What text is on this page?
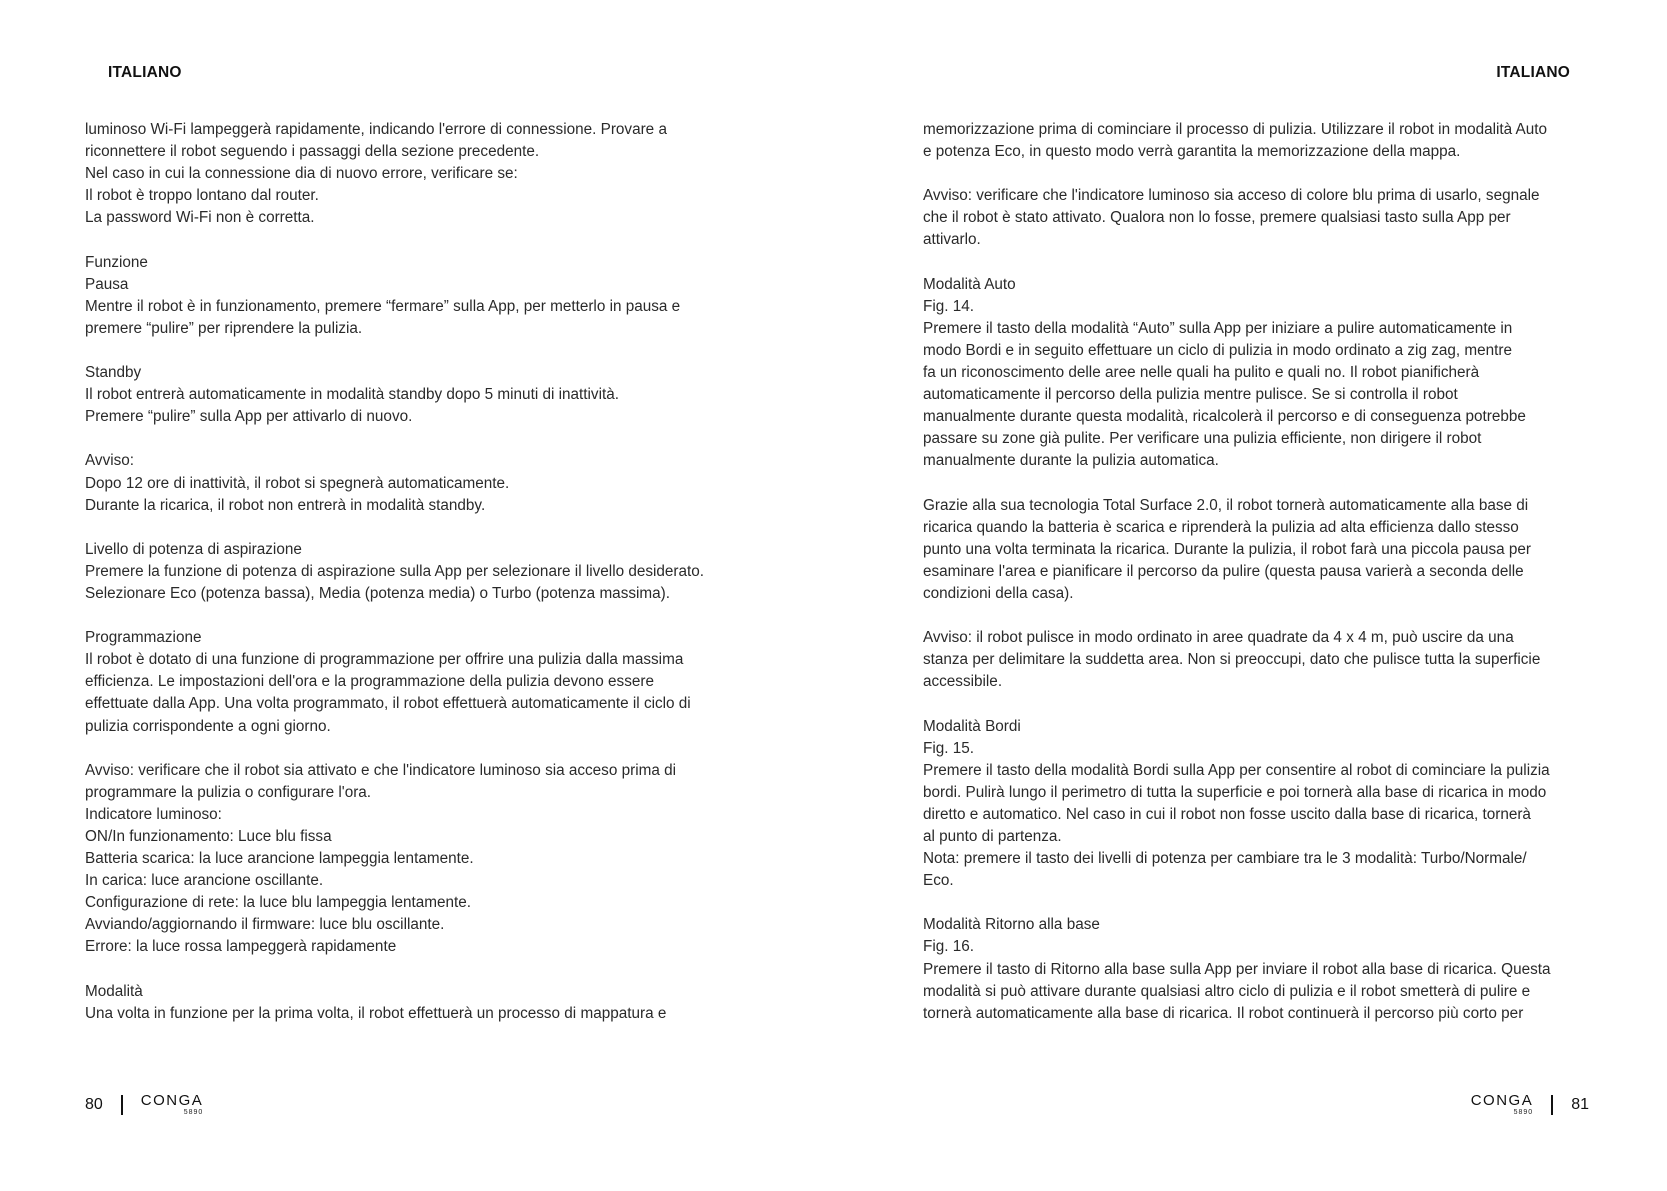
ITALIANO	ITALIANO

luminoso Wi-Fi lampeggerà rapidamente, indicando l'errore di connessione. Provare a

riconnettere il robot seguendo i passaggi della sezione precedente.

Nel caso in cui la connessione dia di nuovo errore, verificare se:

Il robot è troppo lontano dal router.

La password Wi-Fi non è corretta.

Funzione

Pausa

Mentre il robot è in funzionamento, premere “fermare” sulla App, per metterlo in pausa e

premere “pulire” per riprendere la pulizia.

Standby

Il robot entrerà automaticamente in modalità standby dopo 5 minuti di inattività.

Premere “pulire” sulla App per attivarlo di nuovo.

Avviso:

Dopo 12 ore di inattività, il robot si spegnerà automaticamente.

Durante la ricarica, il robot non entrerà in modalità standby.

Livello di potenza di aspirazione

Premere la funzione di potenza di aspirazione sulla App per selezionare il livello desiderato.

Selezionare Eco (potenza bassa), Media (potenza media) o Turbo (potenza massima).

Programmazione

Il robot è dotato di una funzione di programmazione per offrire una pulizia dalla massima

efficienza. Le impostazioni dell'ora e la programmazione della pulizia devono essere

effettuate dalla App. Una volta programmato, il robot effettuerà automaticamente il ciclo di

pulizia corrispondente a ogni giorno.

Avviso: verificare che il robot sia attivato e che l'indicatore luminoso sia acceso prima di

programmare la pulizia o configurare l'ora.

Indicatore luminoso:

ON/In funzionamento: Luce blu fissa

Batteria scarica: la luce arancione lampeggia lentamente.

In carica: luce arancione oscillante.

Configurazione di rete: la luce blu lampeggia lentamente.

Avviando/aggiornando il firmware: luce blu oscillante.

Errore: la luce rossa lampeggerà rapidamente

Modalità

Una volta in funzione per la prima volta, il robot effettuerà un processo di mappatura e

memorizzazione prima di cominciare il processo di pulizia. Utilizzare il robot in modalità Auto

e potenza Eco, in questo modo verrà garantita la memorizzazione della mappa.

Avviso: verificare che l'indicatore luminoso sia acceso di colore blu prima di usarlo, segnale

che il robot è stato attivato. Qualora non lo fosse, premere qualsiasi tasto sulla App per

attivarlo.

Modalità Auto

Fig. 14.

Premere il tasto della modalità “Auto” sulla App per iniziare a pulire automaticamente in

modo Bordi e in seguito effettuare un ciclo di pulizia in modo ordinato a zig zag, mentre

fa un riconoscimento delle aree nelle quali ha pulito e quali no. Il robot pianificherà

automaticamente il percorso della pulizia mentre pulisce. Se si controlla il robot

manualmente durante questa modalità, ricalcolerà il percorso e di conseguenza potrebbe

passare su zone già pulite. Per verificare una pulizia efficiente, non dirigere il robot

manualmente durante la pulizia automatica.

Grazie alla sua tecnologia Total Surface 2.0, il robot tornerà automaticamente alla base di

ricarica quando la batteria è scarica e riprenderà la pulizia ad alta efficienza dallo stesso

punto una volta terminata la ricarica. Durante la pulizia, il robot farà una piccola pausa per

esaminare l'area e pianificare il percorso da pulire (questa pausa varierà a seconda delle

condizioni della casa).

Avviso: il robot pulisce in modo ordinato in aree quadrate da 4 x 4 m, può uscire da una

stanza per delimitare la suddetta area. Non si preoccupi, dato che pulisce tutta la superficie

accessibile.

Modalità Bordi

Fig. 15.

Premere il tasto della modalità Bordi sulla App per consentire al robot di cominciare la pulizia

bordi. Pulirà lungo il perimetro di tutta la superficie e poi tornerà alla base di ricarica in modo

diretto e automatico. Nel caso in cui il robot non fosse uscito dalla base di ricarica, tornerà

al punto di partenza.

Nota: premere il tasto dei livelli di potenza per cambiare tra le 3 modalità: Turbo/Normale/

Eco.

Modalità Ritorno alla base

Fig. 16.

Premere il tasto di Ritorno alla base sulla App per inviare il robot alla base di ricarica. Questa

modalità si può attivare durante qualsiasi altro ciclo di pulizia e il robot smetterà di pulire e

tornerà automaticamente alla base di ricarica. Il robot continuerà il percorso più corto per

80	CONGA
5890
CONGA
5890 81
